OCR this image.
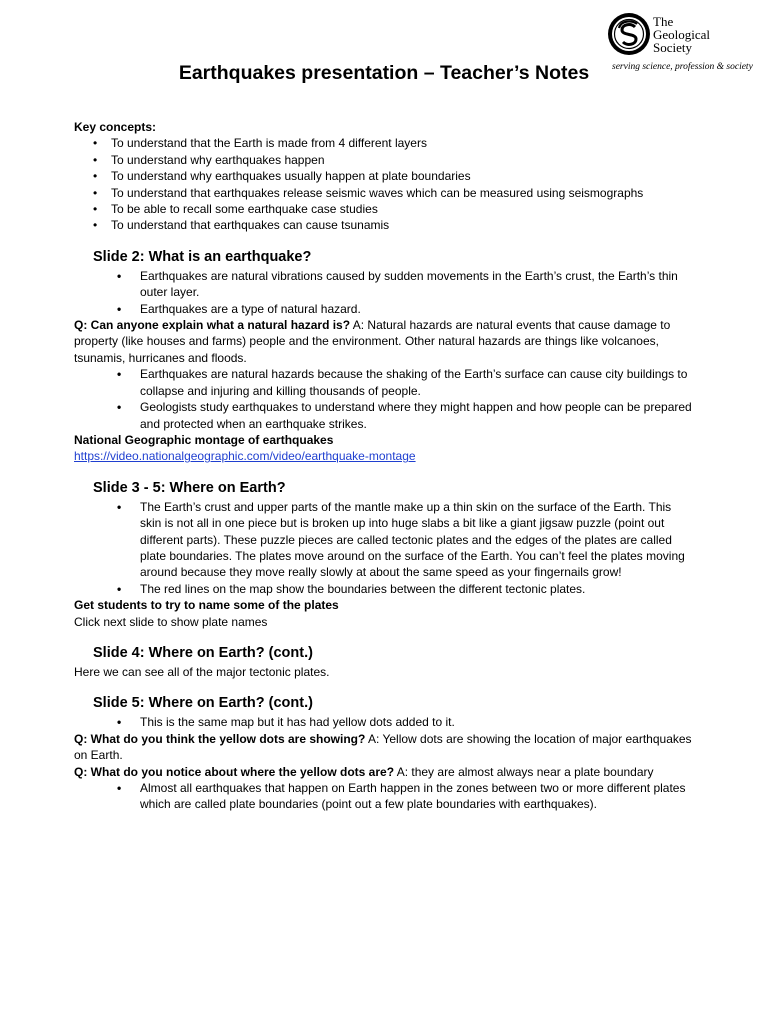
The
Geological
Society
serving science, profession & society
Earthquakes presentation – Teacher’s Notes
Key concepts:
• To understand that the Earth is made from 4 different layers
• To understand why earthquakes happen
• To understand why earthquakes usually happen at plate boundaries
• To understand that earthquakes release seismic waves which can be measured using seismographs
• To be able to recall some earthquake case studies
• To understand that earthquakes can cause tsunamis
Slide 2: What is an earthquake?
• Earthquakes are natural vibrations caused by sudden movements in the Earth’s crust, the Earth’s thin outer layer.
• Earthquakes are a type of natural hazard.

Q: Can anyone explain what a natural hazard is? A: Natural hazards are natural events that cause damage to property (like houses and farms) people and the environment. Other natural hazards are things like volcanoes, tsunamis, hurricanes and floods.

• Earthquakes are natural hazards because the shaking of the Earth’s surface can cause city buildings to collapse and injuring and killing thousands of people.
• Geologists study earthquakes to understand where they might happen and how people can be prepared and protected when an earthquake strikes.
National Geographic montage of earthquakes
https://video.nationalgeographic.com/video/earthquake-montage
Slide 3 - 5: Where on Earth?
• The Earth’s crust and upper parts of the mantle make up a thin skin on the surface of the Earth. This skin is not all in one piece but is broken up into huge slabs a bit like a giant jigsaw puzzle (point out different parts). These puzzle pieces are called tectonic plates and the edges of the plates are called plate boundaries. The plates move around on the surface of the Earth. You can’t feel the plates moving around because they move really slowly at about the same speed as your fingernails grow!
• The red lines on the map show the boundaries between the different tectonic plates.
Get students to try to name some of the plates
Click next slide to show plate names
Slide 4: Where on Earth? (cont.)
Here we can see all of the major tectonic plates.
Slide 5: Where on Earth? (cont.)
• This is the same map but it has had yellow dots added to it.

Q: What do you think the yellow dots are showing? A: Yellow dots are showing the location of major earthquakes on Earth.

Q: What do you notice about where the yellow dots are? A: they are almost always near a plate boundary

• Almost all earthquakes that happen on Earth happen in the zones between two or more different plates which are called plate boundaries (point out a few plate boundaries with earthquakes).
